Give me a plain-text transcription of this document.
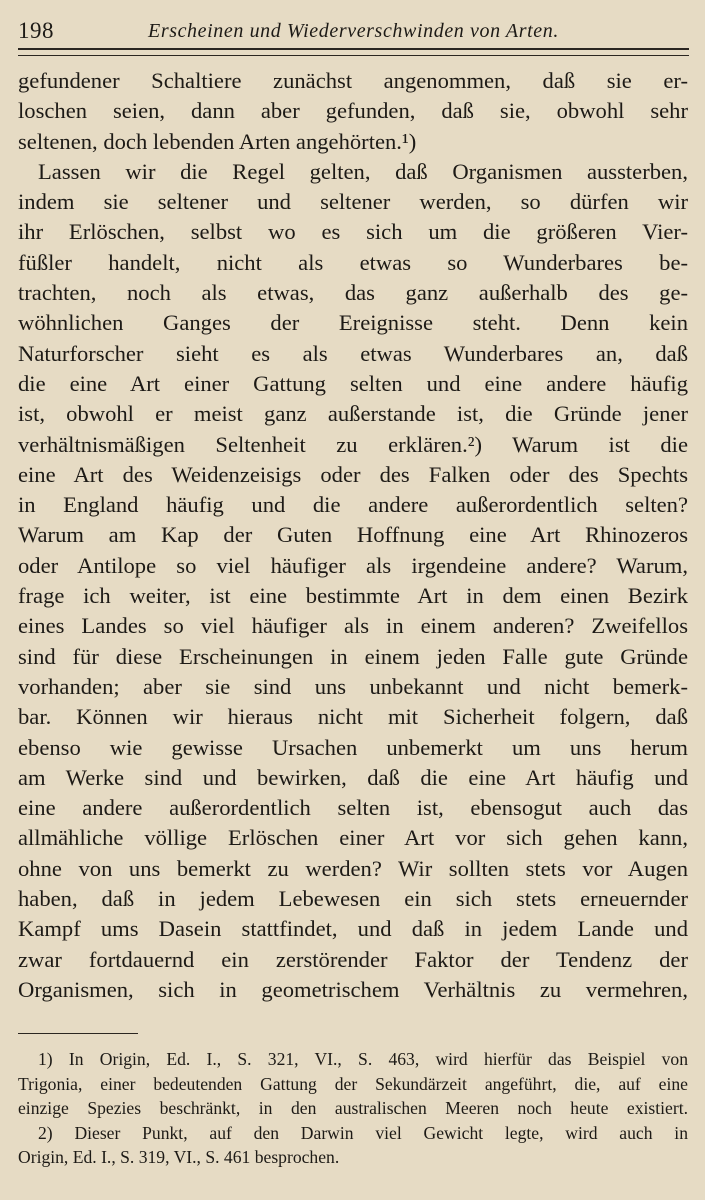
198	Erscheinen und Wiederverschwinden von Arten.
gefundener Schaltiere zunächst angenommen, daß sie er-
loschen seien, dann aber gefunden, daß sie, obwohl sehr
seltenen, doch lebenden Arten angehörten.¹)
Lassen wir die Regel gelten, daß Organismen aussterben,
indem sie seltener und seltener werden, so dürfen wir
ihr Erlöschen, selbst wo es sich um die größeren Vier-
füßler handelt, nicht als etwas so Wunderbares be-
trachten, noch als etwas, das ganz außerhalb des ge-
wöhnlichen Ganges der Ereignisse steht. Denn kein
Naturforscher sieht es als etwas Wunderbares an, daß
die eine Art einer Gattung selten und eine andere häufig
ist, obwohl er meist ganz außerstande ist, die Gründe jener
verhältnismäßigen Seltenheit zu erklären.²) Warum ist die
eine Art des Weidenzeisigs oder des Falken oder des Spechts
in England häufig und die andere außerordentlich selten?
Warum am Kap der Guten Hoffnung eine Art Rhinozeros
oder Antilope so viel häufiger als irgendeine andere? Warum,
frage ich weiter, ist eine bestimmte Art in dem einen Bezirk
eines Landes so viel häufiger als in einem anderen? Zweifellos
sind für diese Erscheinungen in einem jeden Falle gute Gründe
vorhanden; aber sie sind uns unbekannt und nicht bemerk-
bar. Können wir hieraus nicht mit Sicherheit folgern, daß
ebenso wie gewisse Ursachen unbemerkt um uns herum
am Werke sind und bewirken, daß die eine Art häufig und
eine andere außerordentlich selten ist, ebensogut auch das
allmähliche völlige Erlöschen einer Art vor sich gehen kann,
ohne von uns bemerkt zu werden? Wir sollten stets vor Augen
haben, daß in jedem Lebewesen ein sich stets erneuernder
Kampf ums Dasein stattfindet, und daß in jedem Lande und
zwar fortdauernd ein zerstörender Faktor der Tendenz der
Organismen, sich in geometrischem Verhältnis zu vermehren,
1) In Origin, Ed. I., S. 321, VI., S. 463, wird hierfür das Beispiel von
Trigonia, einer bedeutenden Gattung der Sekundärzeit angeführt, die, auf eine
einzige Spezies beschränkt, in den australischen Meeren noch heute existiert.
2) Dieser Punkt, auf den Darwin viel Gewicht legte, wird auch in
Origin, Ed. I., S. 319, VI., S. 461 besprochen.
